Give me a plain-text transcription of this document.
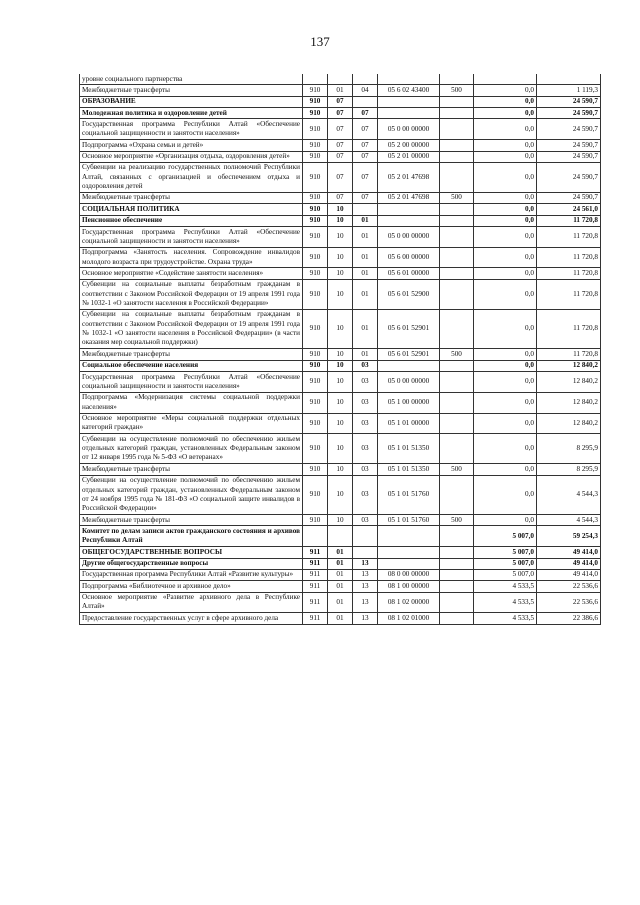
137
уровне социального партнерства							
Межбюджетные трансферты	910	01	04	05 6 02 43400	500	0,0	1 119,3
ОБРАЗОВАНИЕ	910	07				0,0	24 590,7
Молодежная политика и оздоровление детей	910	07	07			0,0	24 590,7
Государственная программа Республики Алтай «Обеспечение социальной защищенности и занятости населения»	910	07	07	05 0 00 00000		0,0	24 590,7
Подпрограмма «Охрана семьи и детей»	910	07	07	05 2 00 00000		0,0	24 590,7
Основное мероприятие «Организация отдыха, оздоровления детей»	910	07	07	05 2 01 00000		0,0	24 590,7
Субвенции на реализацию государственных полномочий Республики Алтай, связанных с организацией и обеспечением отдыха и оздоровления детей	910	07	07	05 2 01 47698		0,0	24 590,7
Межбюджетные трансферты	910	07	07	05 2 01 47698	500	0,0	24 590,7
СОЦИАЛЬНАЯ ПОЛИТИКА	910	10				0,0	24 561,0
Пенсионное обеспечение	910	10	01			0,0	11 720,8
Государственная программа Республики Алтай «Обеспечение социальной защищенности и занятости населения»	910	10	01	05 0 00 00000		0,0	11 720,8
Подпрограмма «Занятость населения. Сопровождение инвалидов молодого возраста при трудоустройстве. Охрана труда»	910	10	01	05 6 00 00000		0,0	11 720,8
Основное мероприятие «Содействие занятости населения»	910	10	01	05 6 01 00000		0,0	11 720,8
Субвенции на социальные выплаты безработным гражданам в соответствии с Законом Российской Федерации от 19 апреля 1991 года № 1032-1 «О занятости населения в Российской Федерации»	910	10	01	05 6 01 52900		0,0	11 720,8
Субвенции на социальные выплаты безработным гражданам в соответствии с Законом Российской Федерации от 19 апреля 1991 года № 1032-1 «О занятости населения в Российской Федерации» (в части оказания мер социальной поддержки)	910	10	01	05 6 01 52901		0,0	11 720,8
Межбюджетные трансферты	910	10	01	05 6 01 52901	500	0,0	11 720,8
Социальное обеспечение населения	910	10	03			0,0	12 840,2
Государственная программа Республики Алтай «Обеспечение социальной защищенности и занятости населения»	910	10	03	05 0 00 00000		0,0	12 840,2
Подпрограмма «Модернизация системы социальной поддержки населения»	910	10	03	05 1 00 00000		0,0	12 840,2
Основное мероприятие «Меры социальной поддержки отдельных категорий граждан»	910	10	03	05 1 01 00000		0,0	12 840,2
Субвенции на осуществление полномочий по обеспечению жильем отдельных категорий граждан, установленных Федеральным законом от 12 января 1995 года № 5-ФЗ «О ветеранах»	910	10	03	05 1 01 51350		0,0	8 295,9
Межбюджетные трансферты	910	10	03	05 1 01 51350	500	0,0	8 295,9
Субвенции на осуществление полномочий по обеспечению жильем отдельных категорий граждан, установленных Федеральным законом от 24 ноября 1995 года № 181-ФЗ «О социальной защите инвалидов в Российской Федерации»	910	10	03	05 1 01 51760		0,0	4 544,3
Межбюджетные трансферты	910	10	03	05 1 01 51760	500	0,0	4 544,3
Комитет по делам записи актов гражданского состояния и архивов Республики Алтай						5 007,0	59 254,3
ОБЩЕГОСУДАРСТВЕННЫЕ ВОПРОСЫ	911	01				5 007,0	49 414,0
Другие общегосударственные вопросы	911	01	13			5 007,0	49 414,0
Государственная программа Республики Алтай «Развитие культуры»	911	01	13	08 0 00 00000		5 007,0	49 414,0
Подпрограмма «Библиотечное и архивное дело»	911	01	13	08 1 00 00000		4 533,5	22 536,6
Основное мероприятие «Развитие архивного дела в Республике Алтай»	911	01	13	08 1 02 00000		4 533,5	22 536,6
Предоставление государственных услуг в сфере архивного дела	911	01	13	08 1 02 01000		4 533,5	22 386,6
